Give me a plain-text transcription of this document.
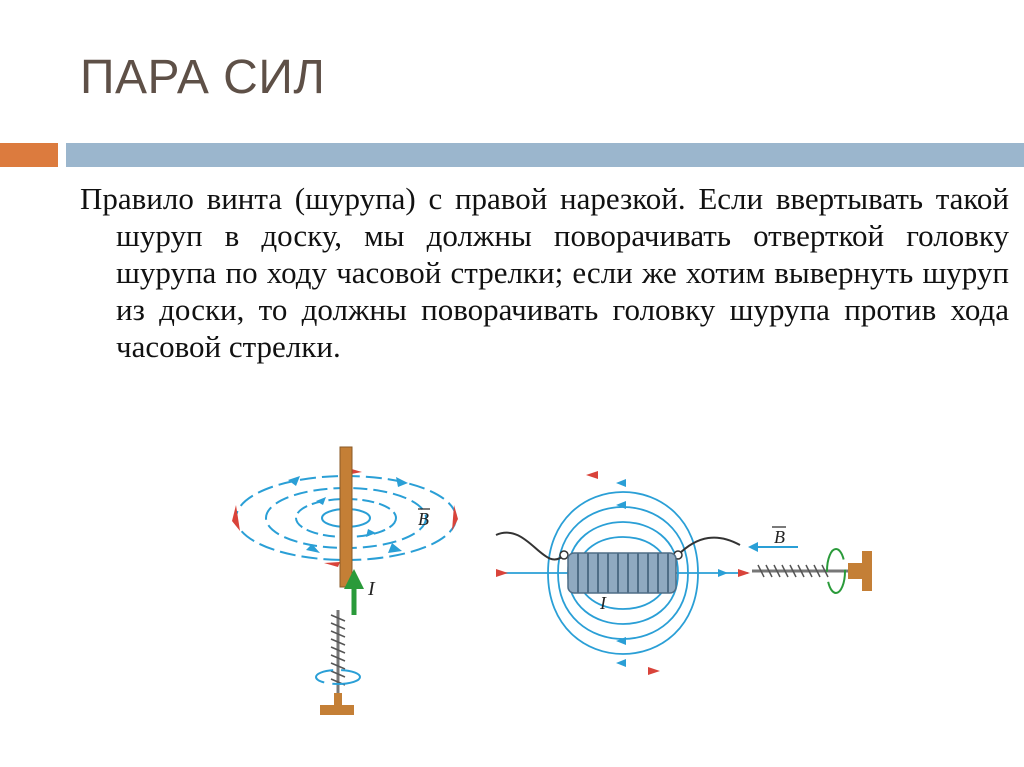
ПАРА СИЛ

Правило винта (шурупа) с правой нарезкой. Если ввертывать такой шуруп в доску, мы должны поворачивать отверткой головку шурупа по ходу часовой стрелки; если же хотим вывернуть шуруп из доски, то должны поворачивать головку шурупа против хода часовой стрелки.

I
B
I
B
